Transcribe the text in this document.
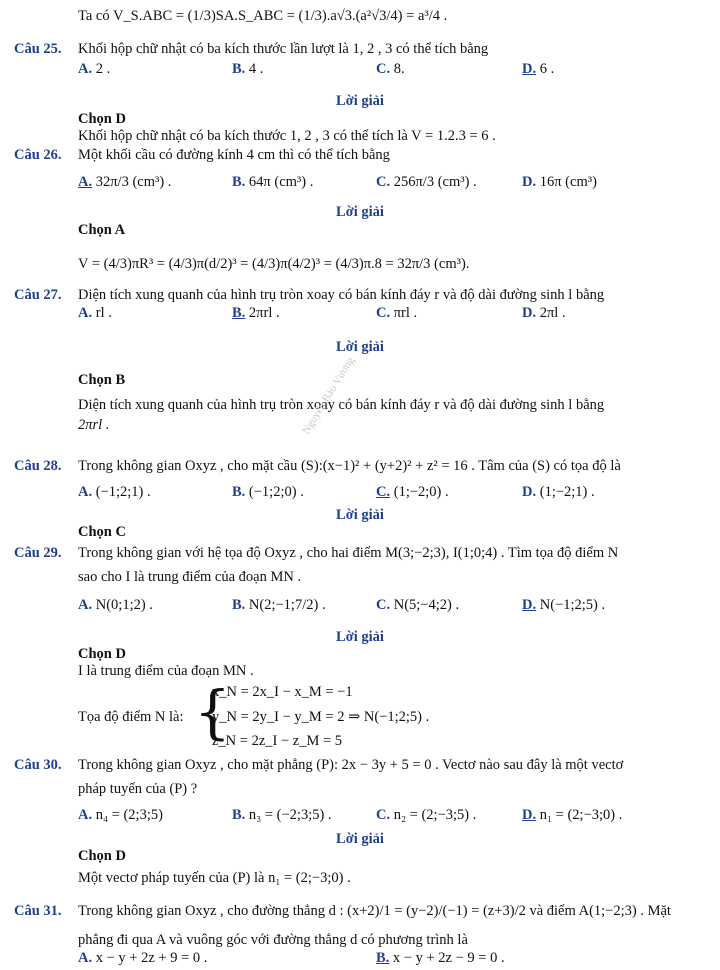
Ta có V_S.ABC = (1/3)SA.S_ABC = (1/3).a√3.(a²√3/4) = a³/4 .
Câu 25. Khối hộp chữ nhật có ba kích thước lần lượt là 1, 2 , 3 có thể tích bằng
A. 2 .	B. 4 .	C. 8.	D. 6 .
Lời giải
Chọn D
Khối hộp chữ nhật có ba kích thước 1, 2 , 3 có thể tích là V = 1.2.3 = 6 .
Câu 26. Một khối cầu có đường kính 4 cm thì có thể tích bằng
A. 32π/3 (cm³) .	B. 64π (cm³) .	C. 256π/3 (cm³) .	D. 16π (cm³)
Lời giải
Chọn A
V = (4/3)πR³ = (4/3)π(d/2)³ = (4/3)π(4/2)³ = (4/3)π.8 = 32π/3 (cm³).
Câu 27. Diện tích xung quanh của hình trụ tròn xoay có bán kính đáy r và độ dài đường sinh l bằng
A. rl .	B. 2πrl .	C. πrl .	D. 2πl .
Lời giải
Chọn B
Diện tích xung quanh của hình trụ tròn xoay có bán kính đáy r và độ dài đường sinh l bằng
2πrl .
Câu 28. Trong không gian Oxyz , cho mặt cầu (S):(x−1)² + (y+2)² + z² = 16 . Tâm của (S) có tọa độ là
A. (−1;2;1) .	B. (−1;2;0) .	C. (1;−2;0) .	D. (1;−2;1) .
Lời giải
Chọn C
Câu 29. Trong không gian với hệ tọa độ Oxyz , cho hai điểm M(3;−2;3), I(1;0;4) . Tìm tọa độ điểm N
sao cho I là trung điểm của đoạn MN .
A. N(0;1;2) .	B. N(2;−1;7/2) .	C. N(5;−4;2) .	D. N(−1;2;5) .
Lời giải
Chọn D
I là trung điểm của đoạn MN .
Tọa độ điểm N là: {
x_N = 2x_I − x_M = −1
y_N = 2y_I − y_M = 2 ⇒ N(−1;2;5) .
z_N = 2z_I − z_M = 5
Câu 30. Trong không gian Oxyz , cho mặt phẳng (P): 2x − 3y + 5 = 0 . Vectơ nào sau đây là một vectơ
pháp tuyến của (P) ?
A. n₄ = (2;3;5)	B. n₃ = (−2;3;5) .	C. n₂ = (2;−3;5) .	D. n₁ = (2;−3;0) .
Lời giải
Chọn D
Một vectơ pháp tuyến của (P) là n₁ = (2;−3;0) .
Câu 31. Trong không gian Oxyz , cho đường thẳng d : (x+2)/1 = (y−2)/(−1) = (z+3)/2 và điểm A(1;−2;3) . Mặt
phẳng đi qua A và vuông góc với đường thẳng d có phương trình là
A. x − y + 2z + 9 = 0 .	B. x − y + 2z − 9 = 0 .
Nguyễn Bảo Vương
